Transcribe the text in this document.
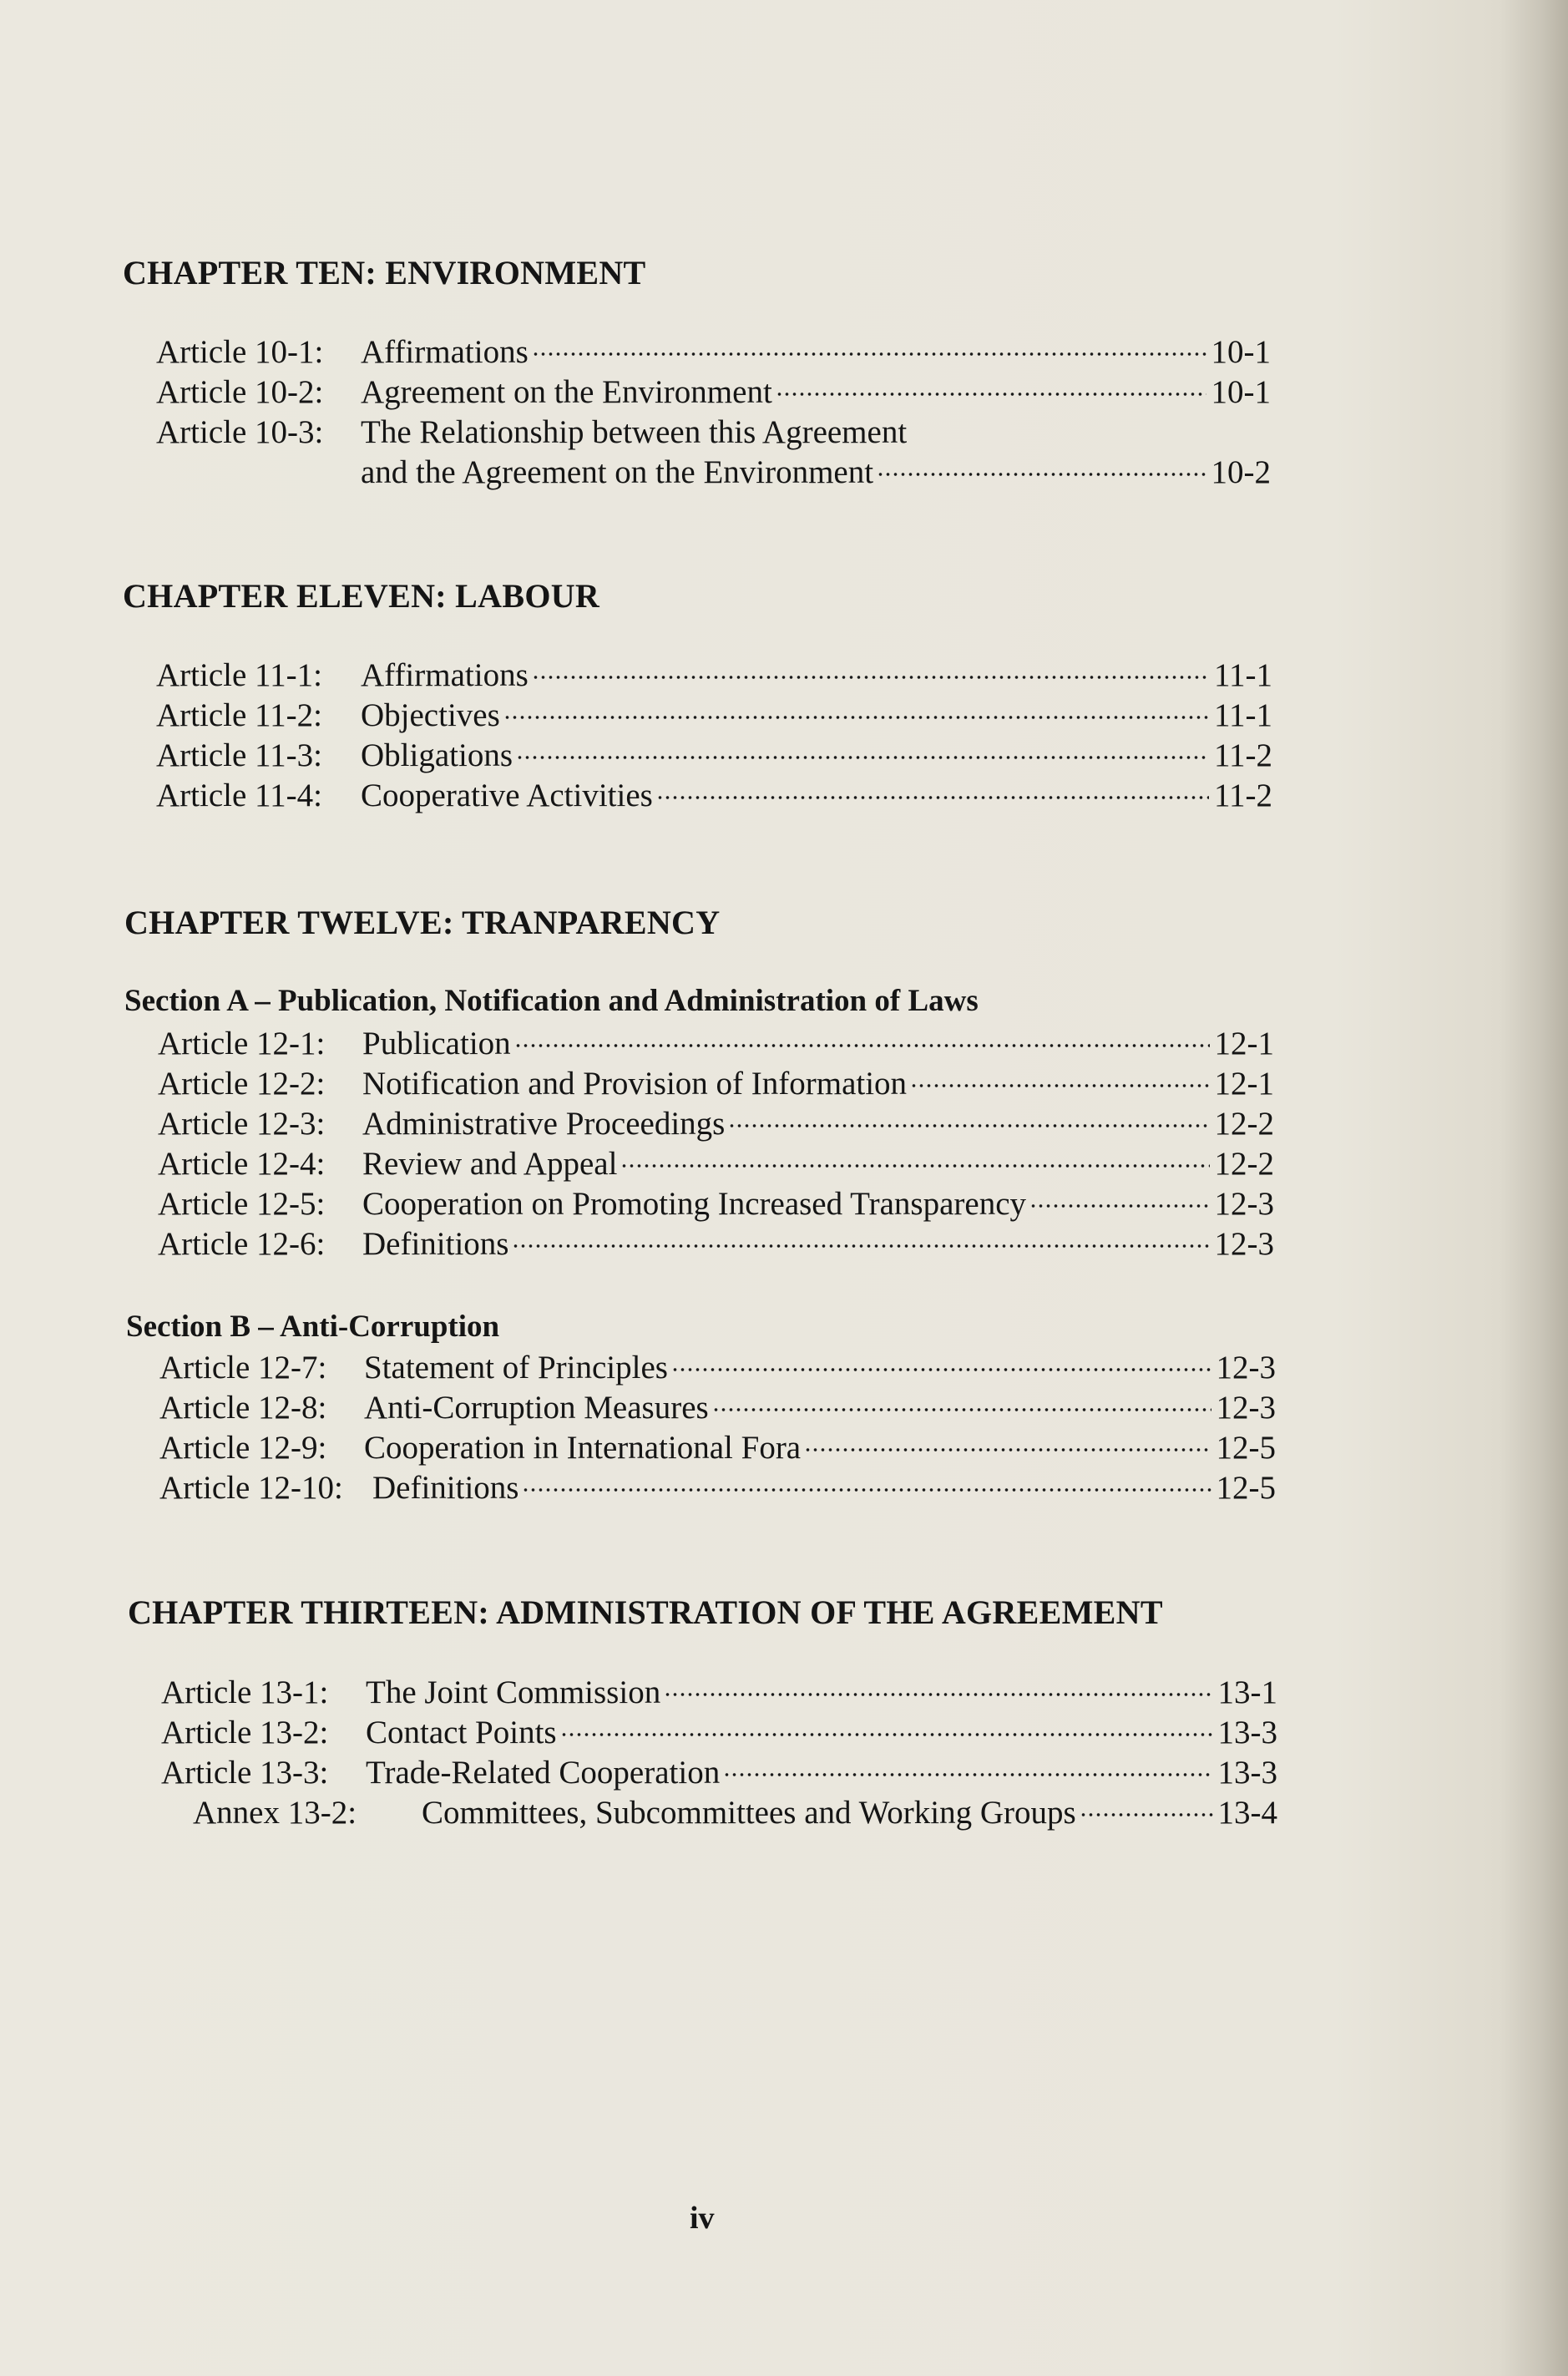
CHAPTER TEN: ENVIRONMENT
Article 10-1:	Affirmations	10-1
Article 10-2:	Agreement on the Environment	10-1
Article 10-3:	The Relationship between this Agreement
and the Agreement on the Environment	10-2
CHAPTER ELEVEN: LABOUR
Article 11-1:	Affirmations	11-1
Article 11-2:	Objectives	11-1
Article 11-3:	Obligations	11-2
Article 11-4:	Cooperative Activities	11-2
CHAPTER TWELVE: TRANPARENCY
Section A – Publication, Notification and Administration of Laws
Article 12-1:	Publication	12-1
Article 12-2:	Notification and Provision of Information	12-1
Article 12-3:	Administrative Proceedings	12-2
Article 12-4:	Review and Appeal	12-2
Article 12-5:	Cooperation on Promoting Increased Transparency	12-3
Article 12-6:	Definitions	12-3
Section B – Anti-Corruption
Article 12-7:	Statement of Principles	12-3
Article 12-8:	Anti-Corruption Measures	12-3
Article 12-9:	Cooperation in International Fora	12-5
Article 12-10: Definitions	12-5
CHAPTER THIRTEEN: ADMINISTRATION OF THE AGREEMENT
Article 13-1:	The Joint Commission	13-1
Article 13-2:	Contact Points	13-3
Article 13-3:	Trade-Related Cooperation	13-3
Annex 13-2:	Committees, Subcommittees and Working Groups	13-4
iv
